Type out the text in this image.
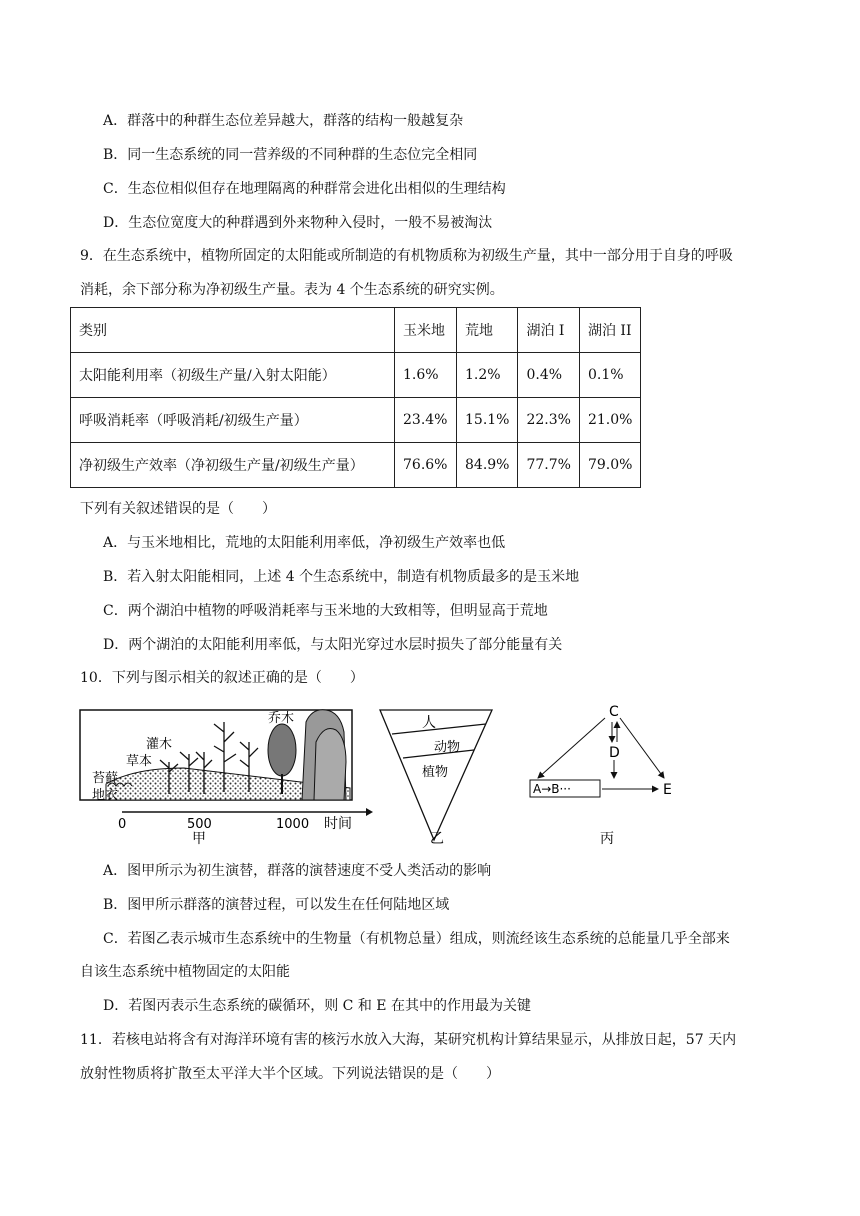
A．群落中的种群生态位差异越大，群落的结构一般越复杂
B．同一生态系统的同一营养级的不同种群的生态位完全相同
C．生态位相似但存在地理隔离的种群常会进化出相似的生理结构
D．生态位宽度大的种群遇到外来物种入侵时，一般不易被淘汰
9．在生态系统中，植物所固定的太阳能或所制造的有机物质称为初级生产量，其中一部分用于自身的呼吸
消耗，余下部分称为净初级生产量。表为 4 个生态系统的研究实例。
类别	玉米地	荒地	湖泊 I	湖泊 II
太阳能利用率（初级生产量/入射太阳能）	1.6%	1.2%	0.4%	0.1%
呼吸消耗率（呼吸消耗/初级生产量）	23.4%	15.1%	22.3%	21.0%
净初级生产效率（净初级生产量/初级生产量）	76.6%	84.9%	77.7%	79.0%
下列有关叙述错误的是（　　）
A．与玉米地相比，荒地的太阳能利用率低，净初级生产效率也低
B．若入射太阳能相同，上述 4 个生态系统中，制造有机物质最多的是玉米地
C．两个湖泊中植物的呼吸消耗率与玉米地的大致相等，但明显高于荒地
D．两个湖泊的太阳能利用率低，与太阳光穿过水层时损失了部分能量有关
10．下列与图示相关的叙述正确的是（　　）
乔木
灌木
草本
苔藓
地衣
0	500	1000 时间
甲
人
动物
植物
乙
A→B···
C
D
E
丙
A．图甲所示为初生演替，群落的演替速度不受人类活动的影响
B．图甲所示群落的演替过程，可以发生在任何陆地区域
C．若图乙表示城市生态系统中的生物量（有机物总量）组成，则流经该生态系统的总能量几乎全部来
自该生态系统中植物固定的太阳能
D．若图丙表示生态系统的碳循环，则 C 和 E 在其中的作用最为关键
11．若核电站将含有对海洋环境有害的核污水放入大海，某研究机构计算结果显示，从排放日起，57 天内
放射性物质将扩散至太平洋大半个区域。下列说法错误的是（　　）
